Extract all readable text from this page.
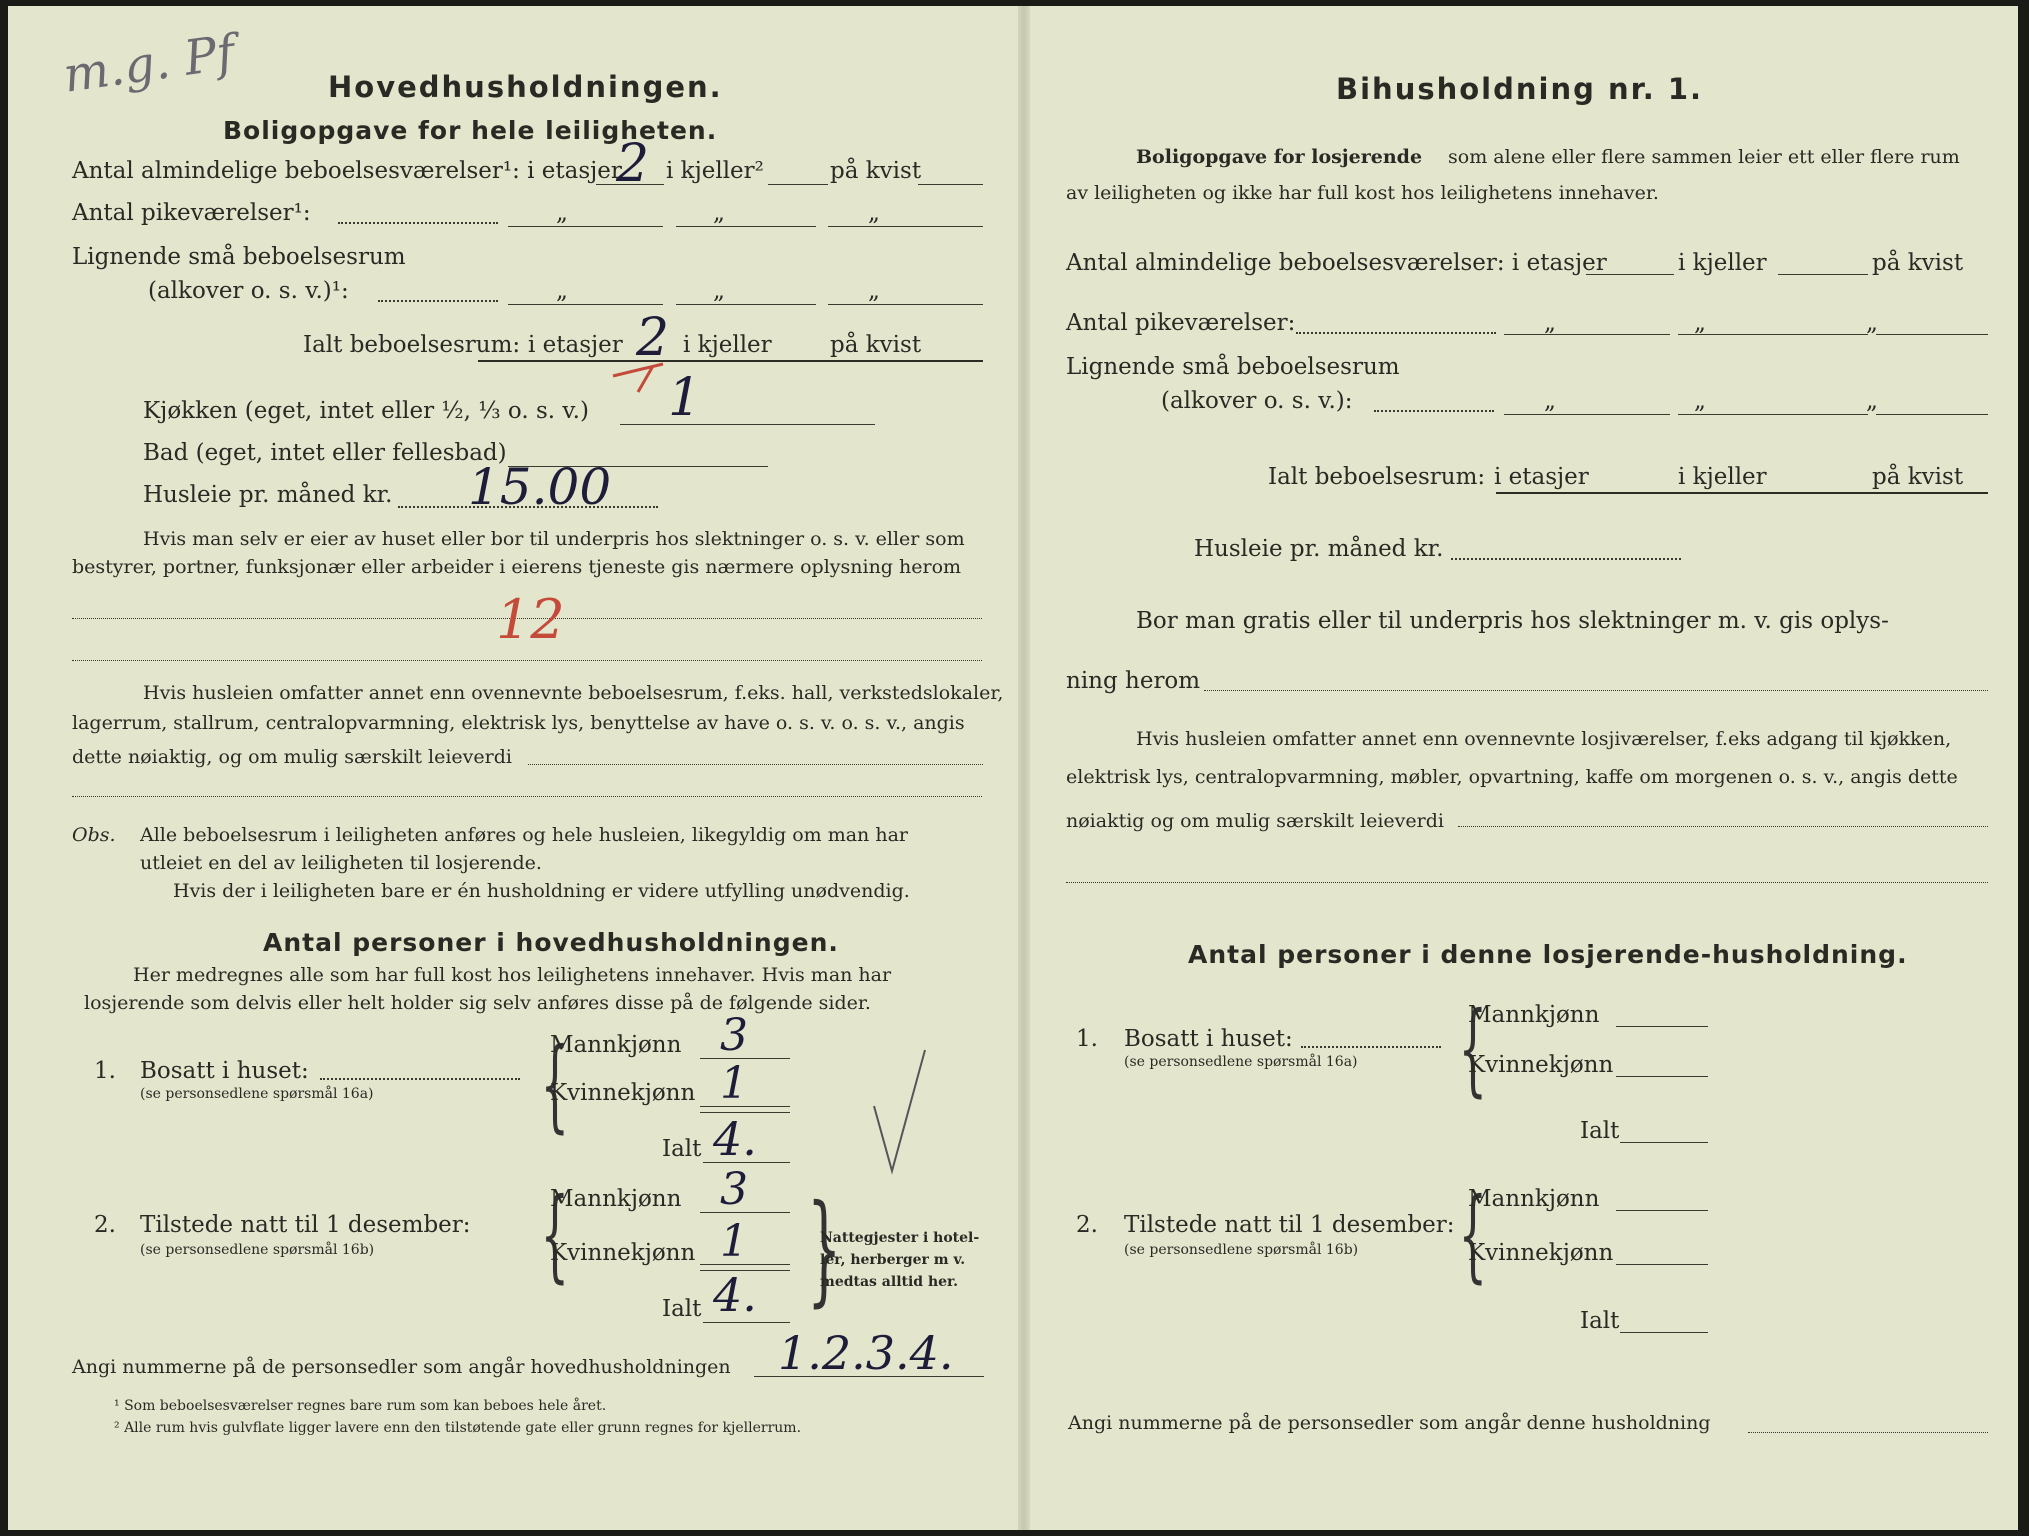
m.g. Pf	Hovedhusholdningen.
Boligopgave for hele leiligheten.
Antal almindelige beboelsesværelser¹: i etasjer
2 i kjeller²	på kvist
Antal pikeværelser¹:	„	„	„
Lignende små beboelsesrum
(alkover o. s. v.)¹:	„	„	„
Ialt beboelsesrum: i etasjer 2 i kjeller	på kvist
Kjøkken (eget, intet eller ½, ⅓ o. s. v.) 1
Bad (eget, intet eller fellesbad)
Husleie pr. måned kr. 15.00
Hvis man selv er eier av huset eller bor til underpris hos slektninger o. s. v. eller som
bestyrer, portner, funksjonær eller arbeider i eierens tjeneste gis nærmere oplysning herom
12
Hvis husleien omfatter annet enn ovennevnte beboelsesrum, f.eks. hall, verkstedslokaler,
lagerrum, stallrum, centralopvarmning, elektrisk lys, benyttelse av have o. s. v. o. s. v., angis
dette nøiaktig, og om mulig særskilt leieverdi
Obs. Alle beboelsesrum i leiligheten anføres og hele husleien, likegyldig om man har
utleiet en del av leiligheten til losjerende.
Hvis der i leiligheten bare er én husholdning er videre utfylling unødvendig.
Antal personer i hovedhusholdningen.
Her medregnes alle som har full kost hos leilighetens innehaver. Hvis man har
losjerende som delvis eller helt holder sig selv anføres disse på de følgende sider.
1. Bosatt i huset:
(se personsedlene spørsmål 16a) {
Mannkjønn 3
Kvinnekjønn 1
Ialt 4.
2. Tilstede natt til 1 desember:
(se personsedlene spørsmål 16b) {
Mannkjønn 3
Kvinnekjønn 1
Ialt 4. }
Nattegjester i hotel-
ler, herberger m v.
medtas alltid her.
Angi nummerne på de personsedler som angår hovedhusholdningen 1.2.3.4.
¹ Som beboelsesværelser regnes bare rum som kan beboes hele året.
² Alle rum hvis gulvflate ligger lavere enn den tilstøtende gate eller grunn regnes for kjellerrum.
Bihusholdning nr. 1.
Boligopgave for losjerende som alene eller flere sammen leier ett eller flere rum
av leiligheten og ikke har full kost hos leilighetens innehaver.
Antal almindelige beboelsesværelser: i etasjer	i kjeller	på kvist
Antal pikeværelser:	„	„	„
Lignende små beboelsesrum
(alkover o. s. v.):	„	„	„
Ialt beboelsesrum: i etasjer	i kjeller	på kvist
Husleie pr. måned kr.
Bor man gratis eller til underpris hos slektninger m. v. gis oplys-
ning herom
Hvis husleien omfatter annet enn ovennevnte losjiværelser, f.eks adgang til kjøkken,
elektrisk lys, centralopvarmning, møbler, opvartning, kaffe om morgenen o. s. v., angis dette
nøiaktig og om mulig særskilt leieverdi
Antal personer i denne losjerende-husholdning.
1. Bosatt i huset:
(se personsedlene spørsmål 16a) {
Mannkjønn
Kvinnekjønn
Ialt
2. Tilstede natt til 1 desember:
(se personsedlene spørsmål 16b) {
Mannkjønn
Kvinnekjønn
Ialt
Angi nummerne på de personsedler som angår denne husholdning
